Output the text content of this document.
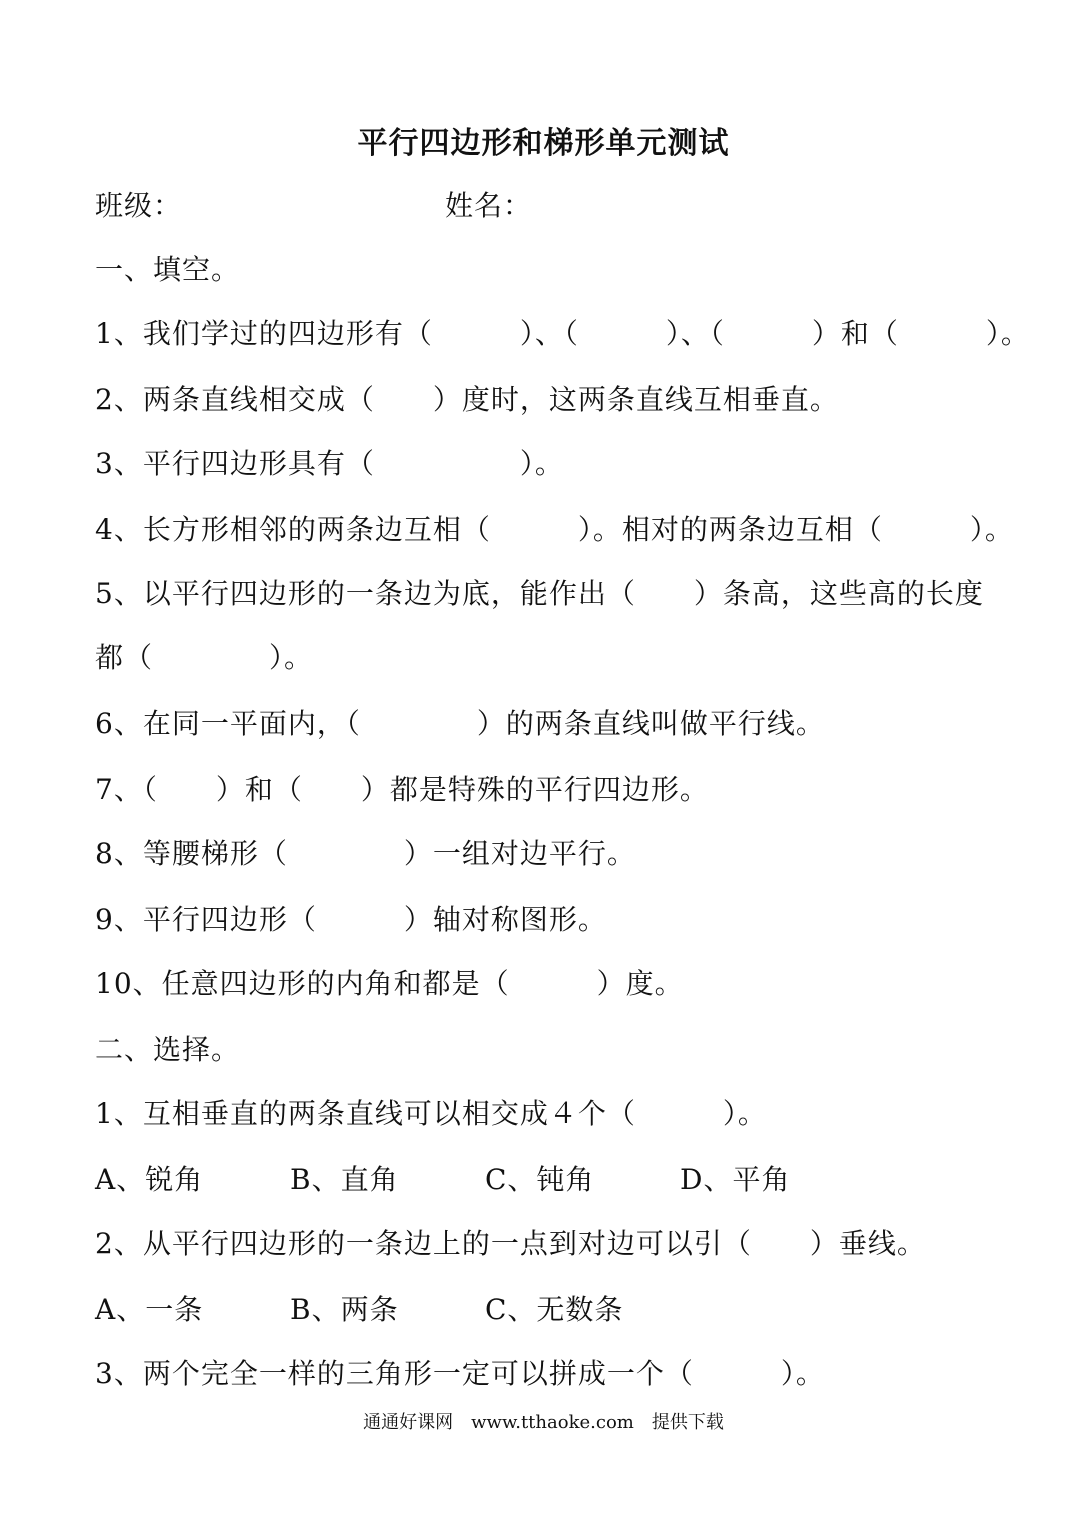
平行四边形和梯形单元测试
班级：	姓名：
一、填空。
1、我们学过的四边形有（　　　）、（　　　）、（　　　）和（　　　）。
2、两条直线相交成（　　）度时，这两条直线互相垂直。
3、平行四边形具有（　　　　　）。
4、长方形相邻的两条边互相（　　　）。相对的两条边互相（　　　）。
5、以平行四边形的一条边为底，能作出（　　）条高，这些高的长度
都（　　　　）。
6、在同一平面内，（　　　　）的两条直线叫做平行线。
7、（　　）和（　　）都是特殊的平行四边形。
8、等腰梯形（　　　　）一组对边平行。
9、平行四边形（　　　）轴对称图形。
10、任意四边形的内角和都是（　　　）度。
二、选择。
1、互相垂直的两条直线可以相交成４个（　　　）。
A、锐角	B、直角	C、钝角	D、平角
2、从平行四边形的一条边上的一点到对边可以引（　　）垂线。
A、一条	B、两条	C、无数条
3、两个完全一样的三角形一定可以拼成一个（　　　）。
通通好课网　www.tthaoke.com　提供下载
